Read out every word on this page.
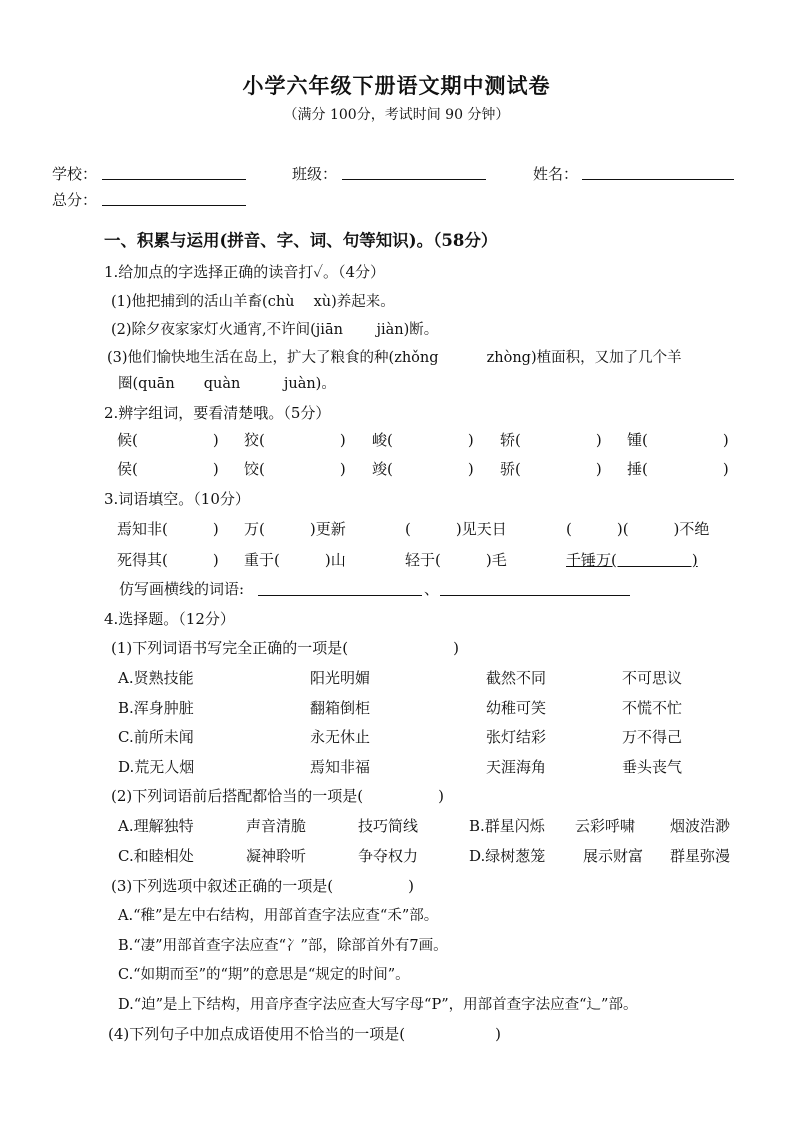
小学六年级下册语文期中测试卷
（满分 100分，考试时间 90 分钟）
学校：	班级：	姓名：
总分：
一、积累与运用(拼音、字、词、句等知识)。（58分）
1.给加点的字选择正确的读音打✓。（4分）
(1)他把捕到的活山羊畜(chù　 xù)养起来。
(2)除夕夜家家灯火通宵,不许间(jiān　　 jiàn)断。
(3)他们愉快地生活在岛上，扩大了粮食的种(zhǒng　　　 zhòng)植面积，又加了几个羊
圈(quān　　quàn　　　juàn)。
2.辨字组词，要看清楚哦。（5分）
候(　　　　　) 狡(　　　　　) 峻(　　　　　) 轿(　　　　　) 锺(　　　　　)
侯(　　　　　) 饺(　　　　　) 竣(　　　　　) 骄(　　　　　) 捶(　　　　　)
3.词语填空。（10分）
焉知非(　　　) 万(　　　)更新	(　　　)见天日	(　　　)(　　　)不绝
死得其(　　　) 重于(　　　)山	轻于(　　　)毛	千锤万(　　　　　)
仿写画横线的词语:	、
4.选择题。（12分）
(1)下列词语书写完全正确的一项是(　　　　　　　)
A.贤熟技能	阳光明媚	截然不同	不可思议
B.浑身肿脏	翻箱倒柜	幼稚可笑	不慌不忙
C.前所未闻	永无休止	张灯结彩	万不得己
D.荒无人烟	焉知非福	天涯海角	垂头丧气
(2)下列词语前后搭配都恰当的一项是(　　　　　)
A.理解独特	声音清脆	技巧简线	B.群星闪烁 云彩呼啸 烟波浩渺
C.和睦相处	凝神聆听	争夺权力	D.绿树葱笼	展示财富 群星弥漫
(3)下列选项中叙述正确的一项是(　　　　　)
A.“稚”是左中右结构，用部首查字法应查“禾”部。
B.“凄”用部首查字法应查“冫”部，除部首外有7画。
C.“如期而至”的“期”的意思是“规定的时间”。
D.“迫”是上下结构，用音序查字法应查大写字母“P”，用部首查字法应查“辶”部。
(4)下列句子中加点成语使用不恰当的一项是(　　　　　　)
